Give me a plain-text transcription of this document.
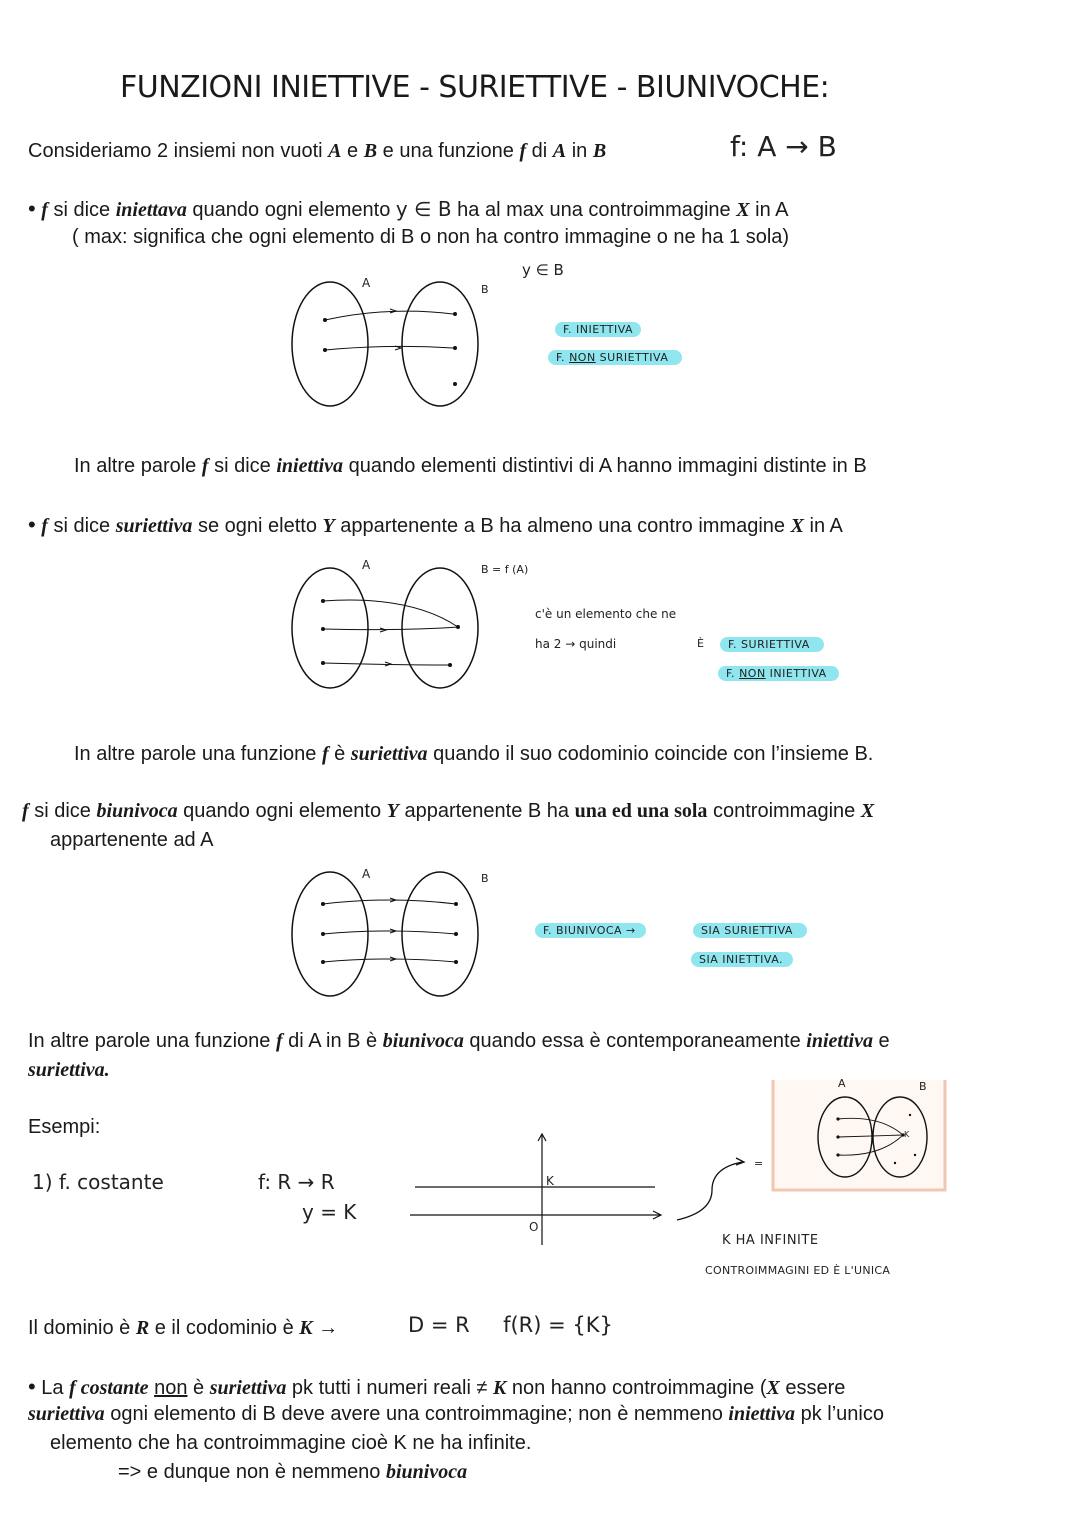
FUNZIONI INIETTIVE - SURIETTIVE - BIUNIVOCHE:
Consideriamo 2 insiemi non vuoti A e B e una funzione f di A in B	f: A → B
• f si dice iniettava quando ogni elemento y ∈ B ha al max una controimmagine X in A
( max: significa che ogni elemento di B o non ha contro immagine o ne ha 1 sola)
A	B
y ∈ B
F. INIETTIVA
F. NON SURIETTIVA
In altre parole f si dice iniettiva quando elementi distintivi di A hanno immagini distinte in B
• f si dice suriettiva se ogni eletto Y appartenente a B ha almeno una contro immagine X in A
A	B = f (A)
c'è un elemento che ne
ha 2 → quindi	È	F. SURIETTIVA
F. NON INIETTIVA
In altre parole una funzione f è suriettiva quando il suo codominio coincide con l’insieme B.
f si dice biunivoca quando ogni elemento Y appartenente B ha una ed una sola controimmagine X
appartenente ad A
A	B
F. BIUNIVOCA →	SIA SURIETTIVA
SIA INIETTIVA.
In altre parole una funzione f di A in B è biunivoca quando essa è contemporaneamente iniettiva e
suriettiva.
Esempi:
1) f. costante	f: R → R
y = K
K
O
=
A	B
K
K HA INFINITE
CONTROIMMAGINI ED È L'UNICA
Il dominio è R e il codominio è K →	D = R     f(R) = {K}
• La f costante non è suriettiva pk tutti i numeri reali ≠ K non hanno controimmagine (X essere
suriettiva ogni elemento di B deve avere una controimmagine; non è nemmeno iniettiva pk l’unico
elemento che ha controimmagine cioè K ne ha infinite.
=> e dunque non è nemmeno biunivoca
